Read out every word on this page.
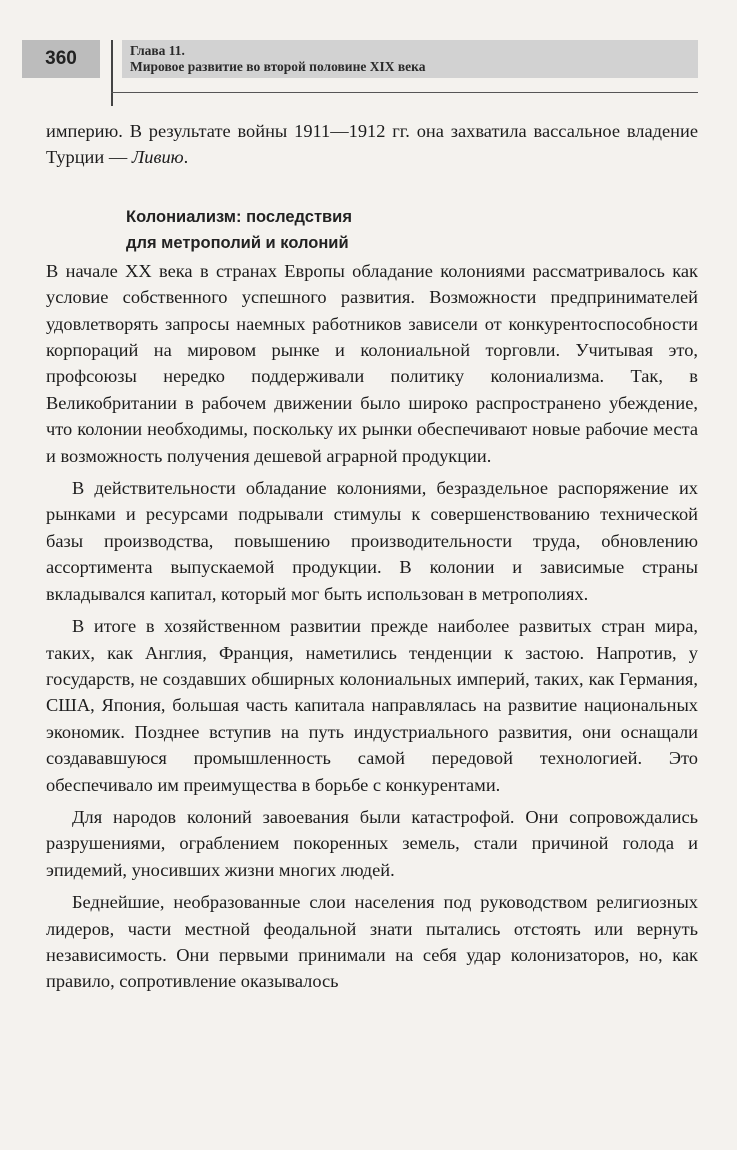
360	Глава 11.
Мировое развитие во второй половине XIX века

империю. В результате войны 1911—1912 гг. она захватила вассальное владение Турции — Ливию.

Колониализм: последствия
для метрополий и колоний

В начале XX века в странах Европы обладание колониями рассматривалось как условие собственного успешного развития. Возможности предпринимателей удовлетворять запросы наемных работников зависели от конкурентоспособности корпораций на мировом рынке и колониальной торговли. Учитывая это, профсоюзы нередко поддерживали политику колониализма. Так, в Великобритании в рабочем движении было широко распространено убеждение, что колонии необходимы, поскольку их рынки обеспечивают новые рабочие места и возможность получения дешевой аграрной продукции.

В действительности обладание колониями, безраздельное распоряжение их рынками и ресурсами подрывали стимулы к совершенствованию технической базы производства, повышению производительности труда, обновлению ассортимента выпускаемой продукции. В колонии и зависимые страны вкладывался капитал, который мог быть использован в метрополиях.

В итоге в хозяйственном развитии прежде наиболее развитых стран мира, таких, как Англия, Франция, наметились тенденции к застою. Напротив, у государств, не создавших обширных колониальных империй, таких, как Германия, США, Япония, большая часть капитала направлялась на развитие национальных экономик. Позднее вступив на путь индустриального развития, они оснащали создававшуюся промышленность самой передовой технологией. Это обеспечивало им преимущества в борьбе с конкурентами.

Для народов колоний завоевания были катастрофой. Они сопровождались разрушениями, ограблением покоренных земель, стали причиной голода и эпидемий, уносивших жизни многих людей.

Беднейшие, необразованные слои населения под руководством религиозных лидеров, части местной феодальной знати пытались отстоять или вернуть независимость. Они первыми принимали на себя удар колонизаторов, но, как правило, сопротивление оказывалось
